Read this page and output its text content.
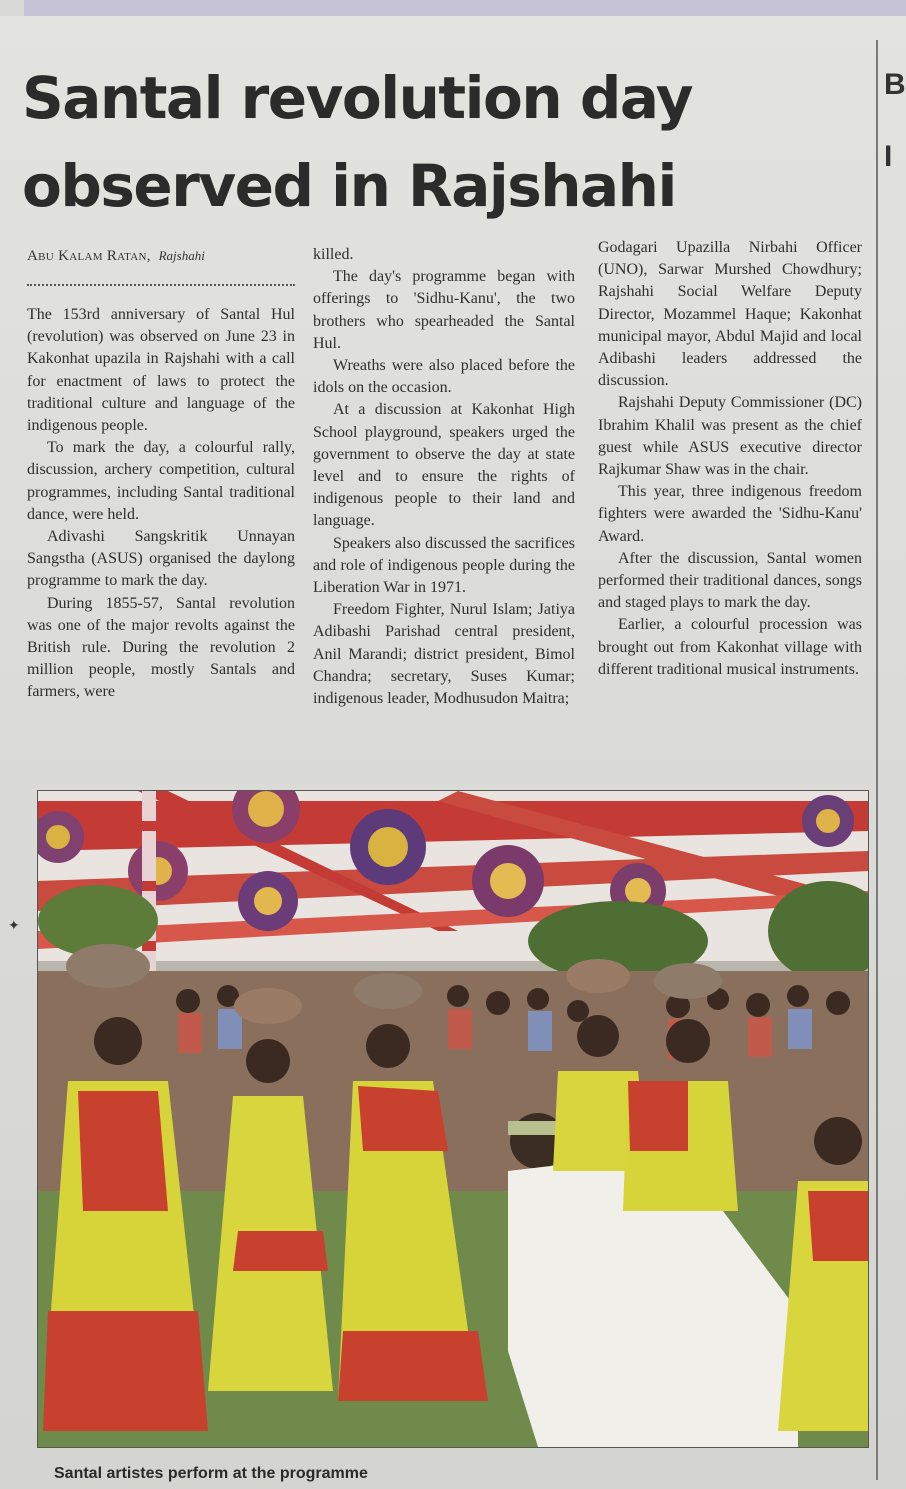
B
I
Santal revolution day
observed in Rajshahi
Abu Kalam Ratan, Rajshahi

The 153rd anniversary of Santal Hul (revolution) was observed on June 23 in Kakonhat upazila in Rajshahi with a call for enactment of laws to protect the traditional culture and language of the indigenous people.

To mark the day, a colourful rally, discussion, archery competition, cultural programmes, including Santal traditional dance, were held.

Adivashi Sangskritik Unnayan Sangstha (ASUS) organised the daylong programme to mark the day.

During 1855-57, Santal revolution was one of the major revolts against the British rule. During the revolution 2 million people, mostly Santals and farmers, were

killed.

The day's programme began with offerings to 'Sidhu-Kanu', the two brothers who spearheaded the Santal Hul.

Wreaths were also placed before the idols on the occasion.

At a discussion at Kakonhat High School playground, speakers urged the government to observe the day at state level and to ensure the rights of indigenous people to their land and language.

Speakers also discussed the sacrifices and role of indigenous people during the Liberation War in 1971.

Freedom Fighter, Nurul Islam; Jatiya Adibashi Parishad central president, Anil Marandi; district president, Bimol Chandra; secretary, Suses Kumar; indigenous leader, Modhusudon Maitra;

Godagari Upazilla Nirbahi Officer (UNO), Sarwar Murshed Chowdhury; Rajshahi Social Welfare Deputy Director, Mozammel Haque; Kakonhat municipal mayor, Abdul Majid and local Adibashi leaders addressed the discussion.

Rajshahi Deputy Commissioner (DC) Ibrahim Khalil was present as the chief guest while ASUS executive director Rajkumar Shaw was in the chair.

This year, three indigenous freedom fighters were awarded the 'Sidhu-Kanu' Award.

After the discussion, Santal women performed their traditional dances, songs and staged plays to mark the day.

Earlier, a colourful procession was brought out from Kakonhat village with different traditional musical instruments.

✦
Santal artistes perform at the programme
